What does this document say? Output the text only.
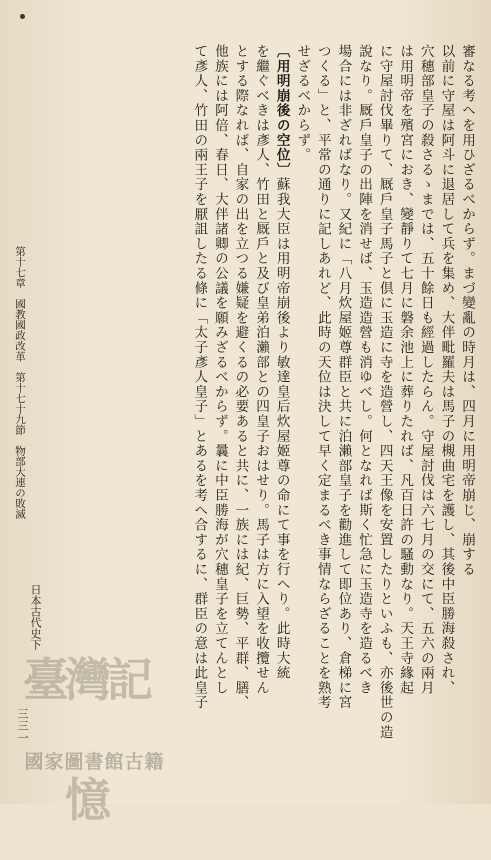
審なる考へを用ひざるべからず。まづ變亂の時月は、四月に用明帝崩じ、崩する
以前に守屋は阿斗に退居して兵を集め、大伴毗羅夫は馬子の槻曲宅を護し、其後中臣勝海殺され、
穴穗部皇子の殺さるゝまでは、五十餘日も經過したらん。守屋討伐は六七月の交にて、五六の兩月
は用明帝を殯宮におき、變靜りて七月に磐余池上に葬りたれば、凡百日許の騷動なり。天王寺緣起
に守屋討伐畢りて、厩戶皇子馬子と倶に玉造に寺を造營し、四天王像を安置したりといふも、亦後世の造
說なり。厩戶皇子の出陣を消せば、玉造造營も消ゆべし。何となれば斯く忙急に玉造寺を造るべき
場合には非ざればなり。又紀に「八月炊屋姬尊群臣と共に泊瀨部皇子を勸進して即位あり、倉梯に宮
つくる」と、平常の通りに記しあれど、此時の天位は決して早く定まるべき事情ならざることを熟考
せざるべからず。
〔用明崩後の空位〕蘇我大臣は用明帝崩後より敏達皇后炊屋姬尊の命にて事を行へり。此時大統
を繼ぐべきは彥人、竹田と厩戶と及び皇弟泊瀨部との四皇子おはせり。馬子は方に入望を收攬せん
とする際なれば、自家の出を立つる嫌疑を避くるの必要あると共に、一族には紀、巨勢、平群、膳、
他族には阿倍、春日、大伴諸卿の公議を願みざるべからず。曩に中臣勝海が穴穗皇子を立てんとし
て彥人、竹田の兩王子を厭詛したる條に「太子彥人皇子」とあるを考へ合するに、群臣の意は此皇子
日本古代史下
第十七章　國教國政改革　第十七十九節　物部大連の敗滅
三三一
臺灣記憶
國家圖書館古籍
